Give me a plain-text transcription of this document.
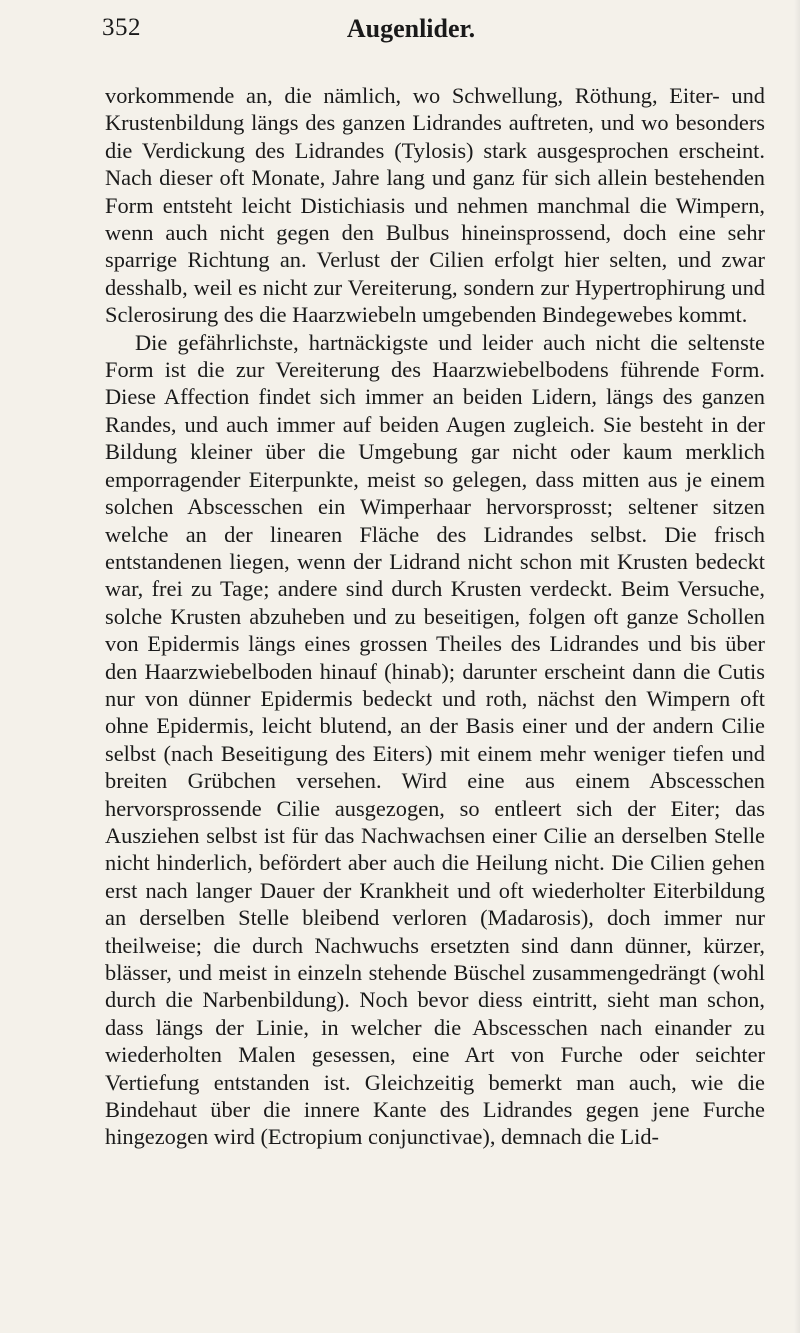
352	Augenlider.

vorkommende an, die nämlich, wo Schwellung, Röthung, Eiter- und Krustenbildung längs des ganzen Lidrandes auftreten, und wo besonders die Verdickung des Lidrandes (Tylosis) stark ausgesprochen erscheint. Nach dieser oft Monate, Jahre lang und ganz für sich allein bestehenden Form entsteht leicht Distichiasis und nehmen manchmal die Wimpern, wenn auch nicht gegen den Bulbus hineinsprossend, doch eine sehr sparrige Richtung an. Verlust der Cilien erfolgt hier selten, und zwar desshalb, weil es nicht zur Vereiterung, sondern zur Hypertrophirung und Sclerosirung des die Haarzwiebeln umgebenden Bindegewebes kommt.

Die gefährlichste, hartnäckigste und leider auch nicht die seltenste Form ist die zur Vereiterung des Haarzwiebelbodens führende Form. Diese Affection findet sich immer an beiden Lidern, längs des ganzen Randes, und auch immer auf beiden Augen zugleich. Sie besteht in der Bildung kleiner über die Umgebung gar nicht oder kaum merklich emporragender Eiterpunkte, meist so gelegen, dass mitten aus je einem solchen Abscesschen ein Wimperhaar hervorsprosst; seltener sitzen welche an der linearen Fläche des Lidrandes selbst. Die frisch entstandenen liegen, wenn der Lidrand nicht schon mit Krusten bedeckt war, frei zu Tage; andere sind durch Krusten verdeckt. Beim Versuche, solche Krusten abzuheben und zu beseitigen, folgen oft ganze Schollen von Epidermis längs eines grossen Theiles des Lidrandes und bis über den Haarzwiebelboden hinauf (hinab); darunter erscheint dann die Cutis nur von dünner Epidermis bedeckt und roth, nächst den Wimpern oft ohne Epidermis, leicht blutend, an der Basis einer und der andern Cilie selbst (nach Beseitigung des Eiters) mit einem mehr weniger tiefen und breiten Grübchen versehen. Wird eine aus einem Abscesschen hervorsprossende Cilie ausgezogen, so entleert sich der Eiter; das Ausziehen selbst ist für das Nachwachsen einer Cilie an derselben Stelle nicht hinderlich, befördert aber auch die Heilung nicht. Die Cilien gehen erst nach langer Dauer der Krankheit und oft wiederholter Eiterbildung an derselben Stelle bleibend verloren (Madarosis), doch immer nur theilweise; die durch Nachwuchs ersetzten sind dann dünner, kürzer, blässer, und meist in einzeln stehende Büschel zusammengedrängt (wohl durch die Narbenbildung). Noch bevor diess eintritt, sieht man schon, dass längs der Linie, in welcher die Abscesschen nach einander zu wiederholten Malen gesessen, eine Art von Furche oder seichter Vertiefung entstanden ist. Gleichzeitig bemerkt man auch, wie die Bindehaut über die innere Kante des Lidrandes gegen jene Furche hingezogen wird (Ectropium conjunctivae), demnach die Lid-
